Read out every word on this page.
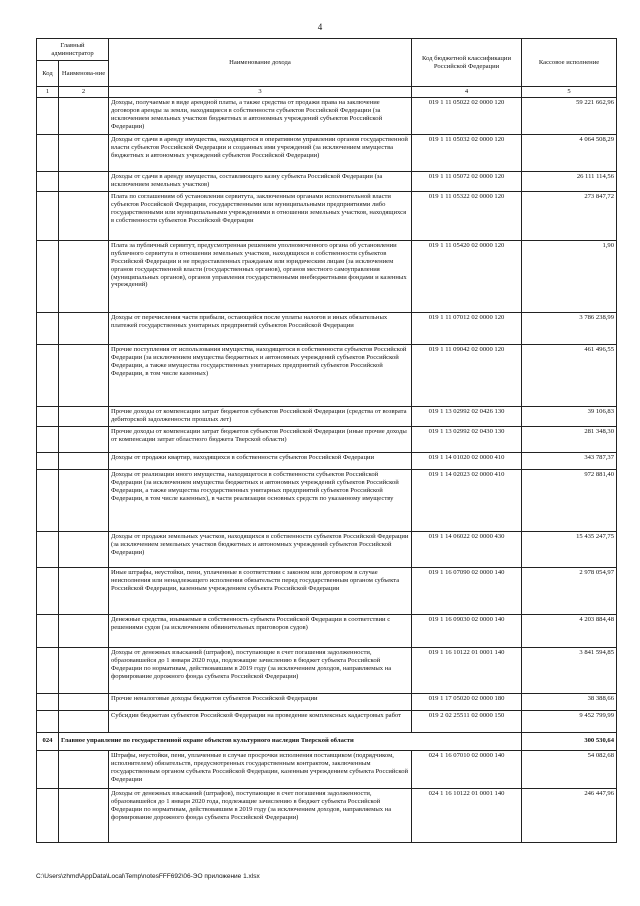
4
Главный администратор		Наименование дохода	Код бюджетной классификации Российской Федерации	Кассовое исполнение
Код	Наименова-ние			
1	2	3	4	5
		Доходы, получаемые в виде арендной платы, а также средства от продажи права на заключение договоров аренды за земли, находящиеся в собственности субъектов Российской Федерации (за исключением земельных участков бюджетных и автономных учреждений субъектов Российской Федерации)	019 1 11 05022 02 0000 120	59 221 662,96
		Доходы от сдачи в аренду имущества, находящегося в оперативном управлении органов государственной власти субъектов Российской Федерации и созданных ими учреждений (за исключением имущества бюджетных и автономных учреждений субъектов Российской Федерации)	019 1 11 05032 02 0000 120	4 064 508,29
		Доходы от сдачи в аренду имущества, составляющего казну субъекта Российской Федерации (за исключением земельных участков)	019 1 11 05072 02 0000 120	26 111 114,56
		Плата по соглашениям об установлении сервитута, заключенным органами исполнительной власти субъектов Российской Федерации, государственными или муниципальными предприятиями либо государственными или муниципальными учреждениями в отношении земельных участков, находящихся в собственности субъектов Российской Федерации	019 1 11 05322 02 0000 120	273 847,72
		Плата за публичный сервитут, предусмотренная решением уполномоченного органа об установлении публичного сервитута в отношении земельных участков, находящихся в собственности субъектов Российской Федерации и не предоставленных гражданам или юридическим лицам (за исключением органов государственной власти (государственных органов), органов местного самоуправления (муниципальных органов), органов управления государственными внебюджетными фондами и казенных учреждений)	019 1 11 05420 02 0000 120	1,90
		Доходы от перечисления части прибыли, остающейся после уплаты налогов и иных обязательных платежей государственных унитарных предприятий субъектов Российской Федерации	019 1 11 07012 02 0000 120	3 786 238,99
		Прочие поступления от использования имущества, находящегося в собственности субъектов Российской Федерации (за исключением имущества бюджетных и автономных учреждений субъектов Российской Федерации, а также имущества государственных унитарных предприятий субъектов Российской Федерации, в том числе казенных)	019 1 11 09042 02 0000 120	461 496,55
		Прочие доходы от компенсации затрат бюджетов субъектов Российской Федерации (средства от возврата дебиторской задолженности прошлых лет)	019 1 13 02992 02 0426 130	39 106,83
		Прочие доходы от компенсации затрат бюджетов субъектов Российской Федерации (иные прочие доходы от компенсации затрат областного бюджета Тверской области)	019 1 13 02992 02 0430 130	281 348,30
		Доходы от продажи квартир, находящихся в собственности субъектов Российской Федерации	019 1 14 01020 02 0000 410	343 787,37
		Доходы от реализации иного имущества, находящегося в собственности субъектов Российской Федерации (за исключением имущества бюджетных и автономных учреждений субъектов Российской Федерации, а также имущества государственных унитарных предприятий субъектов Российской Федерации, в том числе казенных), в части реализации основных средств по указанному имуществу	019 1 14 02023 02 0000 410	972 881,40
		Доходы от продажи земельных участков, находящихся в собственности субъектов Российской Федерации (за исключением земельных участков бюджетных и автономных учреждений субъектов Российской Федерации)	019 1 14 06022 02 0000 430	15 435 247,75
		Иные штрафы, неустойки, пени, уплаченные в соответствии с законом или договором в случае неисполнения или ненадлежащего исполнения обязательств перед государственным органом субъекта Российской Федерации, казенным учреждением субъекта Российской Федерации	019 1 16 07090 02 0000 140	2 978 054,97
		Денежные средства, изымаемые в собственность субъекта Российской Федерации в соответствии с решениями судов (за исключением обвинительных приговоров судов)	019 1 16 09030 02 0000 140	4 203 884,48
		Доходы от денежных взысканий (штрафов), поступающие в счет погашения задолженности, образовавшейся до 1 января 2020 года, подлежащие зачислению в бюджет субъекта Российской Федерации по нормативам, действовавшим в 2019 году (за исключением доходов, направляемых на формирование дорожного фонда субъекта Российской Федерации)	019 1 16 10122 01 0001 140	3 841 594,85
		Прочие неналоговые доходы бюджетов субъектов Российской Федерации	019 1 17 05020 02 0000 180	38 388,66
		Субсидии бюджетам субъектов Российской Федерации на проведение комплексных кадастровых работ	019 2 02 25511 02 0000 150	9 452 799,99
024	Главное управление по государственной охране объектов культурного наследия Тверской области			300 530,64
		Штрафы, неустойки, пени, уплаченные в случае просрочки исполнения поставщиком (подрядчиком, исполнителем) обязательств, предусмотренных государственным контрактом, заключенным государственным органом субъекта Российской Федерации, казенным учреждением субъекта Российской Федерации	024 1 16 07010 02 0000 140	54 082,68
		Доходы от денежных взысканий (штрафов), поступающие в счет погашения задолженности, образовавшейся до 1 января 2020 года, подлежащие зачислению в бюджет субъекта Российской Федерации по нормативам, действовавшим в 2019 году (за исключением доходов, направляемых на формирование дорожного фонда субъекта Российской Федерации)	024 1 16 10122 01 0001 140	246 447,96
C:\Users\zhmd\AppData\Local\Temp\notesFFF692\06-ЭО приложение 1.xlsx
